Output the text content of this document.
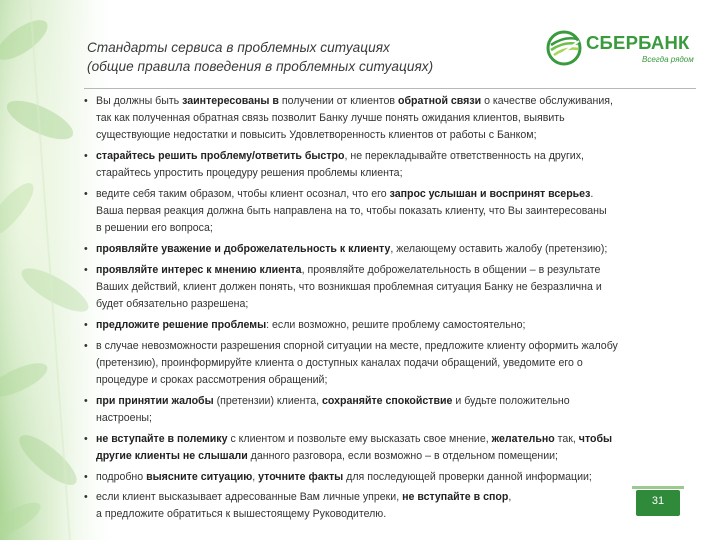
Стандарты сервиса в проблемных ситуациях
(общие правила поведения в проблемных ситуациях)
СБЕРБАНК
Всегда рядом
• Вы должны быть заинтересованы в получении от клиентов обратной связи о качестве обслуживания,
так как полученная обратная связь позволит Банку лучше понять ожидания клиентов, выявить
существующие недостатки и повысить Удовлетворенность клиентов от работы с Банком;
• старайтесь решить проблему/ответить быстро, не перекладывайте ответственность на других,
старайтесь упростить процедуру решения проблемы клиента;
• ведите себя таким образом, чтобы клиент осознал, что его запрос услышан и воспринят всерьез.
Ваша первая реакция должна быть направлена на то, чтобы показать клиенту, что Вы заинтересованы
в решении его вопроса;
• проявляйте уважение и доброжелательность к клиенту, желающему оставить жалобу (претензию);
• проявляйте интерес к мнению клиента, проявляйте доброжелательность в общении – в результате
Ваших действий, клиент должен понять, что возникшая проблемная ситуация Банку не безразлична и
будет обязательно разрешена;
• предложите решение проблемы: если возможно, решите проблему самостоятельно;
• в случае невозможности разрешения спорной ситуации на месте, предложите клиенту оформить жалобу
(претензию), проинформируйте клиента о доступных каналах подачи обращений, уведомите его о
процедуре и сроках рассмотрения обращений;
• при принятии жалобы (претензии) клиента, сохраняйте спокойствие и будьте положительно
настроены;
• не вступайте в полемику с клиентом и позвольте ему высказать свое мнение, желательно так, чтобы
другие клиенты не слышали данного разговора, если возможно – в отдельном помещении;
• подробно выясните ситуацию, уточните факты для последующей проверки данной информации;
• если клиент высказывает адресованные Вам личные упреки, не вступайте в спор,
а предложите обратиться к вышестоящему Руководителю.
31
